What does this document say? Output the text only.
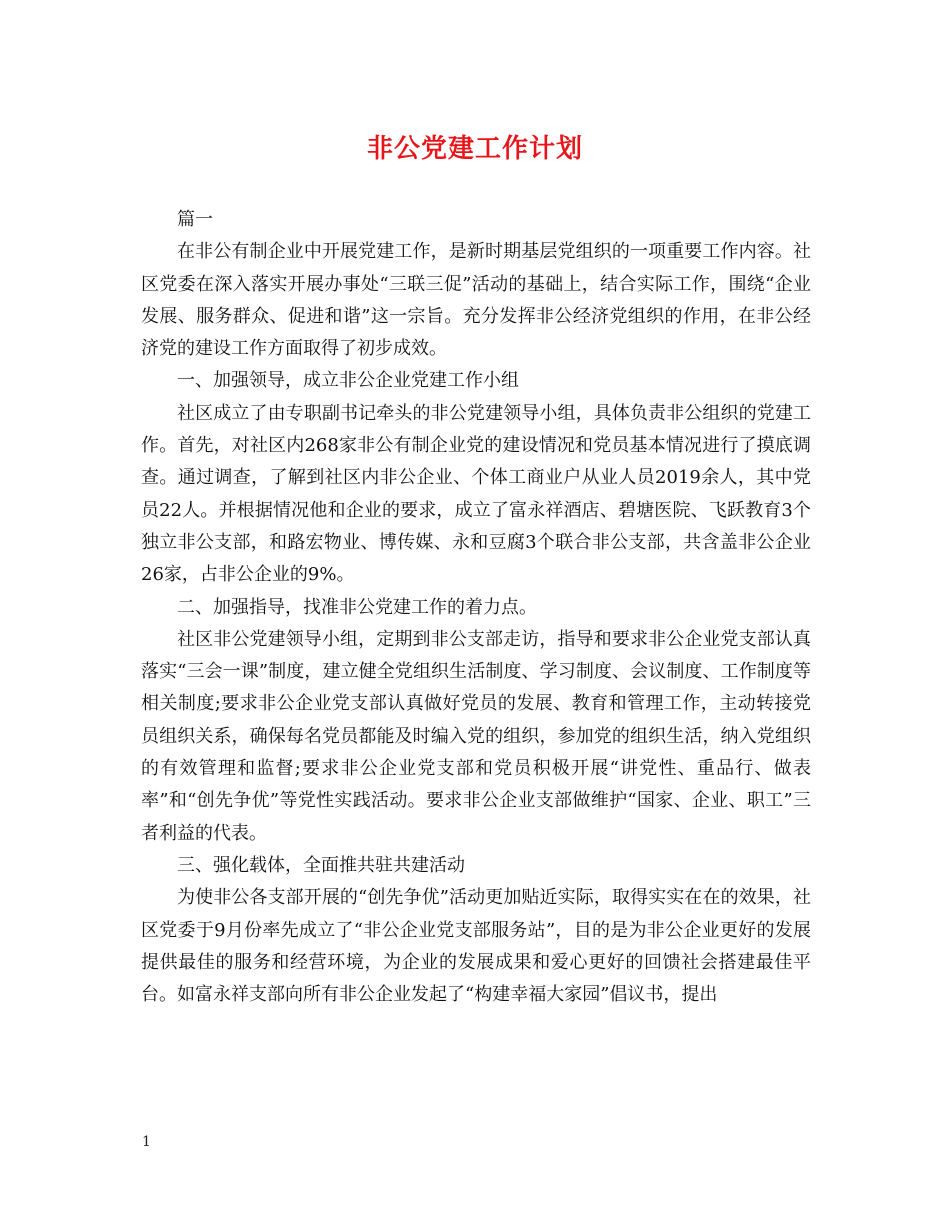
非公党建工作计划

篇一

在非公有制企业中开展党建工作，是新时期基层党组织的一项重要工作内容。社区党委在深入落实开展办事处“三联三促”活动的基础上，结合实际工作，围绕“企业发展、服务群众、促进和谐”这一宗旨。充分发挥非公经济党组织的作用，在非公经济党的建设工作方面取得了初步成效。

一、加强领导，成立非公企业党建工作小组

社区成立了由专职副书记牵头的非公党建领导小组，具体负责非公组织的党建工作。首先，对社区内268家非公有制企业党的建设情况和党员基本情况进行了摸底调查。通过调查，了解到社区内非公企业、个体工商业户从业人员2019余人，其中党员22人。并根据情况他和企业的要求，成立了富永祥酒店、碧塘医院、飞跃教育3个独立非公支部，和路宏物业、博传媒、永和豆腐3个联合非公支部，共含盖非公企业26家，占非公企业的9%。

二、加强指导，找准非公党建工作的着力点。

社区非公党建领导小组，定期到非公支部走访，指导和要求非公企业党支部认真落实“三会一课”制度，建立健全党组织生活制度、学习制度、会议制度、工作制度等相关制度;要求非公企业党支部认真做好党员的发展、教育和管理工作，主动转接党员组织关系，确保每名党员都能及时编入党的组织，参加党的组织生活，纳入党组织的有效管理和监督;要求非公企业党支部和党员积极开展“讲党性、重品行、做表率”和“创先争优”等党性实践活动。要求非公企业支部做维护“国家、企业、职工”三者利益的代表。

三、强化载体，全面推共驻共建活动

为使非公各支部开展的“创先争优”活动更加贴近实际，取得实实在在的效果，社区党委于9月份率先成立了“非公企业党支部服务站”，目的是为非公企业更好的发展提供最佳的服务和经营环境，为企业的发展成果和爱心更好的回馈社会搭建最佳平台。如富永祥支部向所有非公企业发起了“构建幸福大家园”倡议书，提出

1
